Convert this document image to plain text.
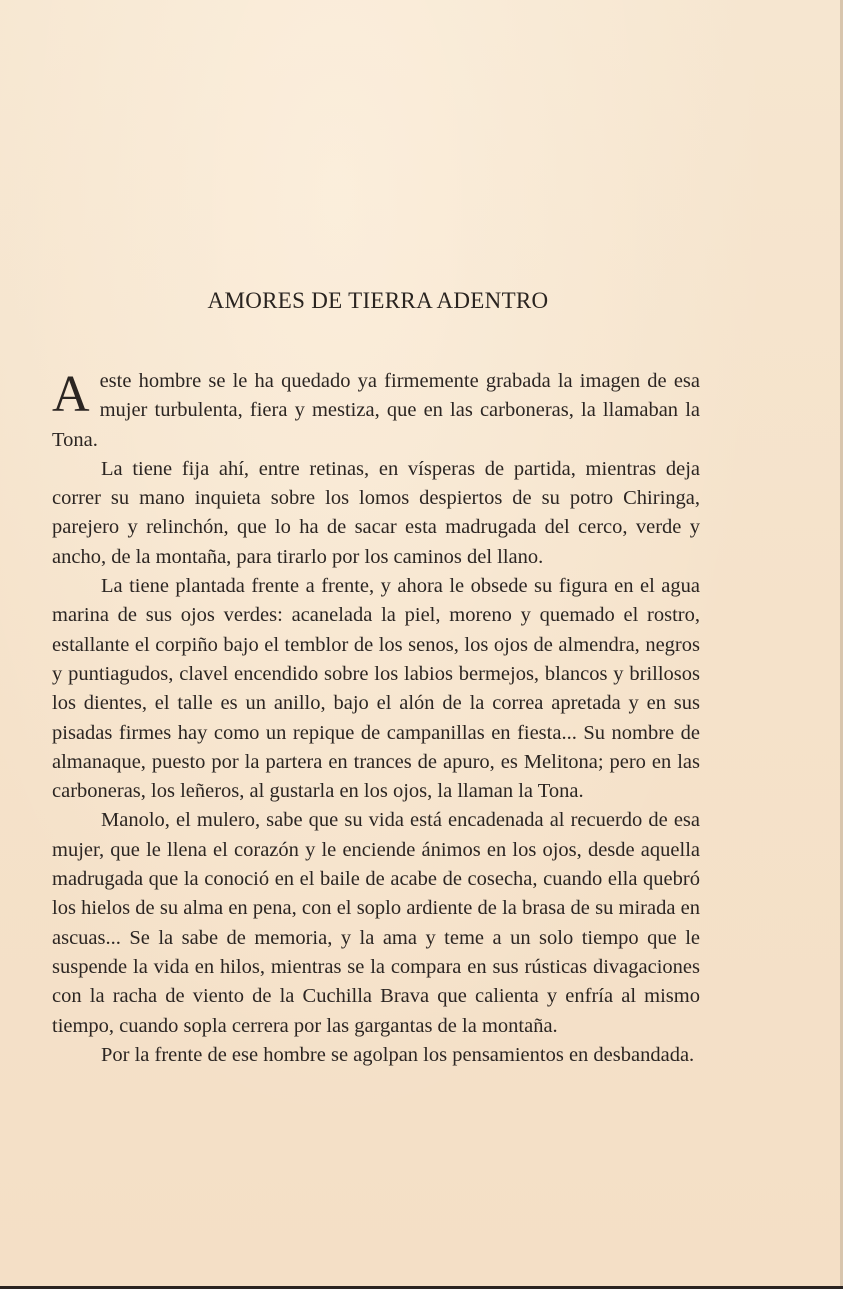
AMORES DE TIERRA ADENTRO

A este hombre se le ha quedado ya firmemente grabada la imagen de esa mujer turbulenta, fiera y mestiza, que en las carboneras, la llamaban la Tona.

La tiene fija ahí, entre retinas, en vísperas de partida, mientras deja correr su mano inquieta sobre los lomos despiertos de su potro Chiringa, parejero y relinchón, que lo ha de sacar esta madrugada del cerco, verde y ancho, de la montaña, para tirarlo por los caminos del llano.

La tiene plantada frente a frente, y ahora le obsede su figura en el agua marina de sus ojos verdes: acanelada la piel, moreno y quemado el rostro, estallante el corpiño bajo el temblor de los senos, los ojos de almendra, negros y puntiagudos, clavel encendido sobre los labios bermejos, blancos y brillosos los dientes, el talle es un anillo, bajo el alón de la correa apretada y en sus pisadas firmes hay como un repique de campanillas en fiesta... Su nombre de almanaque, puesto por la partera en trances de apuro, es Melitona; pero en las carboneras, los leñeros, al gustarla en los ojos, la llaman la Tona.

Manolo, el mulero, sabe que su vida está encadenada al recuerdo de esa mujer, que le llena el corazón y le enciende ánimos en los ojos, desde aquella madrugada que la conoció en el baile de acabe de cosecha, cuando ella quebró los hielos de su alma en pena, con el soplo ardiente de la brasa de su mirada en ascuas... Se la sabe de memoria, y la ama y teme a un solo tiempo que le suspende la vida en hilos, mientras se la compara en sus rústicas divagaciones con la racha de viento de la Cuchilla Brava que calienta y enfría al mismo tiempo, cuando sopla cerrera por las gargantas de la montaña.

Por la frente de ese hombre se agolpan los pensamientos en desbandada.
